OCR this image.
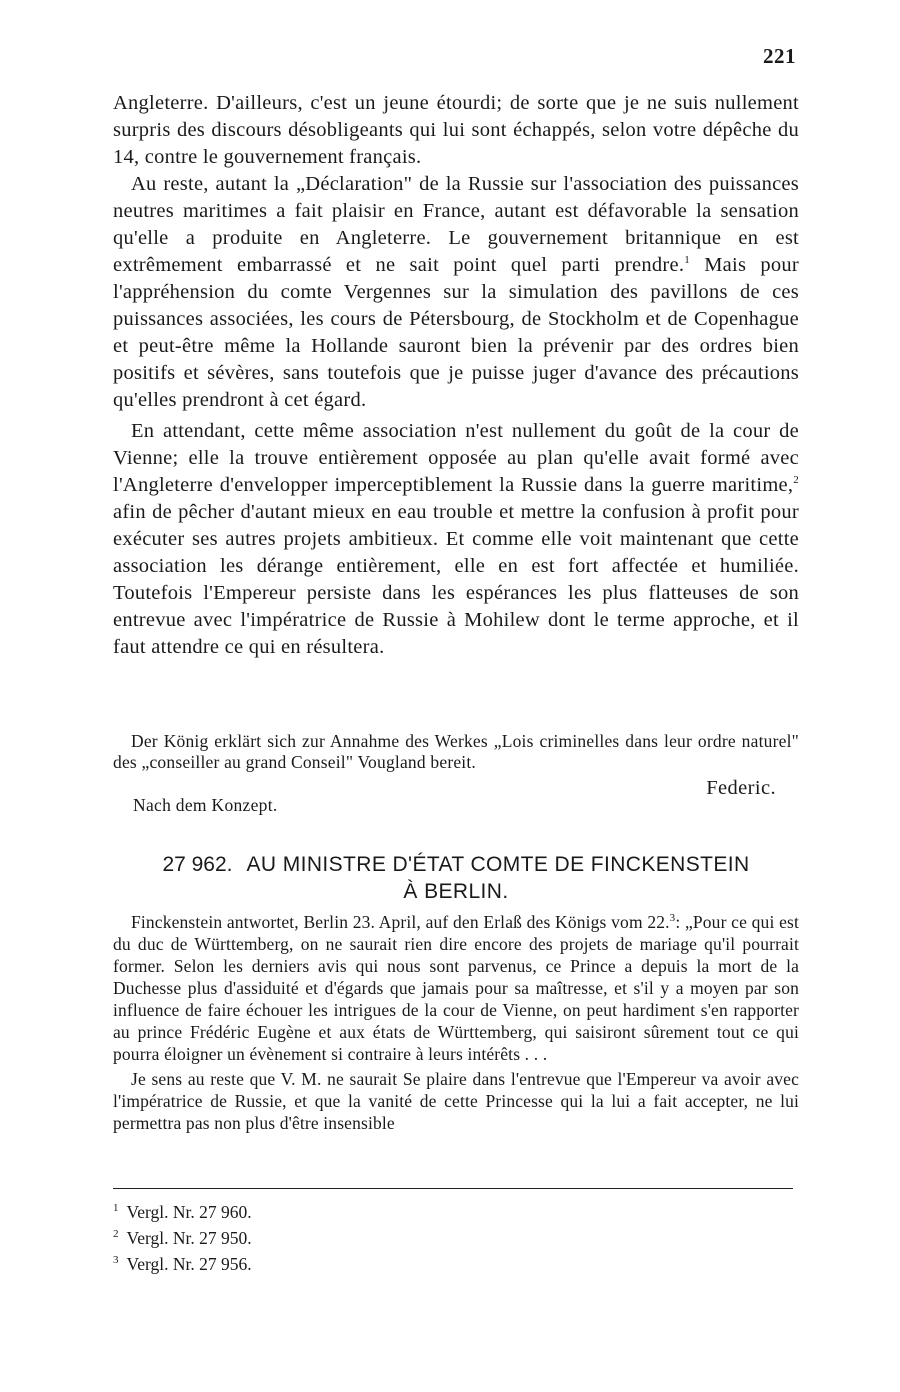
221

Angleterre. D'ailleurs, c'est un jeune étourdi; de sorte que je ne suis nullement surpris des discours désobligeants qui lui sont échappés, selon votre dépêche du 14, contre le gouvernement français.

Au reste, autant la „Déclaration" de la Russie sur l'association des puissances neutres maritimes a fait plaisir en France, autant est défavorable la sensation qu'elle a produite en Angleterre. Le gouvernement britannique en est extrêmement embarrassé et ne sait point quel parti prendre.$^1$ Mais pour l'appréhension du comte Vergennes sur la simulation des pavillons de ces puissances associées, les cours de Pétersbourg, de Stockholm et de Copenhague et peut-être même la Hollande sauront bien la prévenir par des ordres bien positifs et sévères, sans toutefois que je puisse juger d'avance des précautions qu'elles prendront à cet égard.

En attendant, cette même association n'est nullement du goût de la cour de Vienne; elle la trouve entièrement opposée au plan qu'elle avait formé avec l'Angleterre d'envelopper imperceptiblement la Russie dans la guerre maritime,$^2$ afin de pêcher d'autant mieux en eau trouble et mettre la confusion à profit pour exécuter ses autres projets ambitieux. Et comme elle voit maintenant que cette association les dérange entièrement, elle en est fort affectée et humiliée. Toutefois l'Empereur persiste dans les espérances les plus flatteuses de son entrevue avec l'impératrice de Russie à Mohilew dont le terme approche, et il faut attendre ce qui en résultera.

Der König erklärt sich zur Annahme des Werkes „Lois criminelles dans leur ordre naturel" des „conseiller au grand Conseil" Vougland bereit.
Federic.
Nach dem Konzept.
27 962. AU MINISTRE D'ÉTAT COMTE DE FINCKENSTEIN
À BERLIN.

Finckenstein antwortet, Berlin 23. April, auf den Erlaß des Königs vom 22.$^3$: „Pour ce qui est du duc de Württemberg, on ne saurait rien dire encore des projets de mariage qu'il pourrait former. Selon les derniers avis qui nous sont parvenus, ce Prince a depuis la mort de la Duchesse plus d'assiduité et d'égards que jamais pour sa maîtresse, et s'il y a moyen par son influence de faire échouer les intrigues de la cour de Vienne, on peut hardiment s'en rapporter au prince Frédéric Eugène et aux états de Württemberg, qui saisiront sûrement tout ce qui pourra éloigner un évènement si contraire à leurs intérêts . . .

Je sens au reste que V. M. ne saurait Se plaire dans l'entrevue que l'Empereur va avoir avec l'impératrice de Russie, et que la vanité de cette Princesse qui la lui a fait accepter, ne lui permettra pas non plus d'être insensible

$^1$ Vergl. Nr. 27 960.
$^2$ Vergl. Nr. 27 950.
$^3$ Vergl. Nr. 27 956.
